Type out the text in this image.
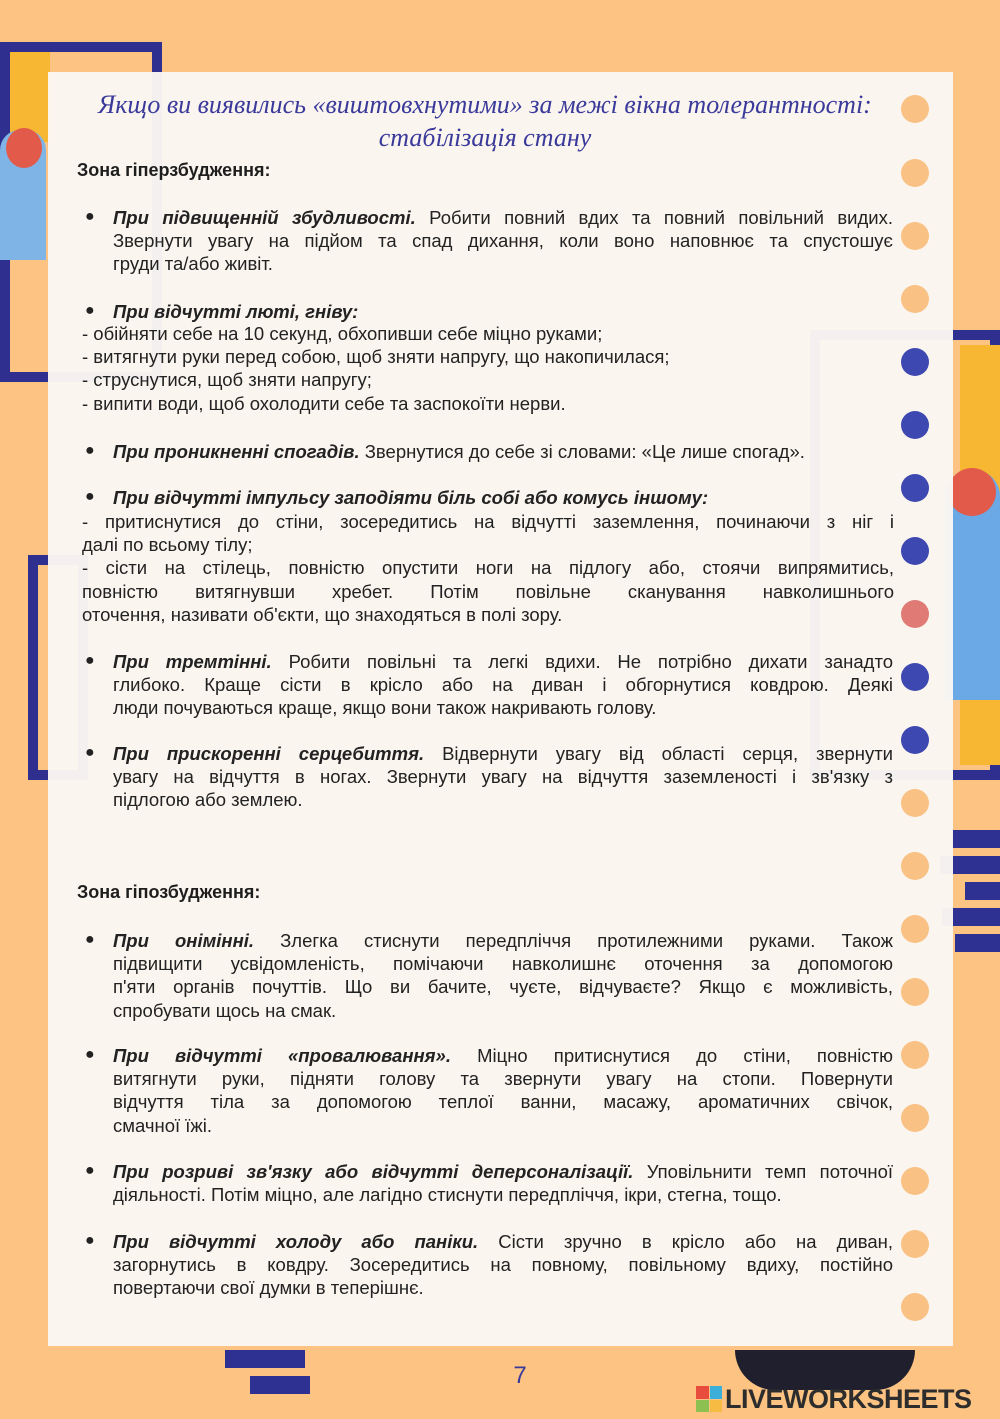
Якщо ви виявились «виштовхнутими» за межі вікна толерантності:
стабілізація стану
Зона гіперзбудження:
● При підвищенній збудливості. Робити повний вдих та повний повільний видих.
Звернути увагу на підйом та спад дихання, коли воно наповнює та спустошує
груди та/або живіт.
● При відчутті люті, гніву:
- обійняти себе на 10 секунд, обхопивши себе міцно руками;
- витягнути руки перед собою, щоб зняти напругу, що накопичилася;
- струснутися, щоб зняти напругу;
- випити води, щоб охолодити себе та заспокоїти нерви.
● При проникненні спогадів. Звернутися до себе зі словами: «Це лише спогад».
● При відчутті імпульсу заподіяти біль собі або комусь іншому:
- притиснутися до стіни, зосередитись на відчутті заземлення, починаючи з ніг і
далі по всьому тілу;
- сісти на стілець, повністю опустити ноги на підлогу або, стоячи випрямитись,
повністю витягнувши хребет. Потім повільне сканування навколишнього
оточення, називати об'єкти, що знаходяться в полі зору.
● При тремтінні. Робити повільні та легкі вдихи. Не потрібно дихати занадто
глибоко. Краще сісти в крісло або на диван і обгорнутися ковдрою. Деякі
люди почуваються краще, якщо вони також накривають голову.
● При прискоренні серцебиття. Відвернути увагу від області серця, звернути
увагу на відчуття в ногах. Звернути увагу на відчуття заземленості і зв'язку з
підлогою або землею.
Зона гіпозбудження:
● При онімінні. Злегка стиснути передпліччя протилежними руками. Також
підвищити усвідомленість, помічаючи навколишнє оточення за допомогою
п'яти органів почуттів. Що ви бачите, чуєте, відчуваєте? Якщо є можливість,
спробувати щось на смак.
● При відчутті «провалювання». Міцно притиснутися до стіни, повністю
витягнути руки, підняти голову та звернути увагу на стопи. Повернути
відчуття тіла за допомогою теплої ванни, масажу, ароматичних свічок,
смачної їжі.
● При розриві зв'язку або відчутті деперсоналізації. Уповільнити темп поточної
діяльності. Потім міцно, але лагідно стиснути передпліччя, ікри, стегна, тощо.
● При відчутті холоду або паніки. Сісти зручно в крісло або на диван,
загорнутись в ковдру. Зосередитись на повному, повільному вдиху, постійно
повертаючи свої думки в теперішнє.
7
LIVEWORKSHEETS
